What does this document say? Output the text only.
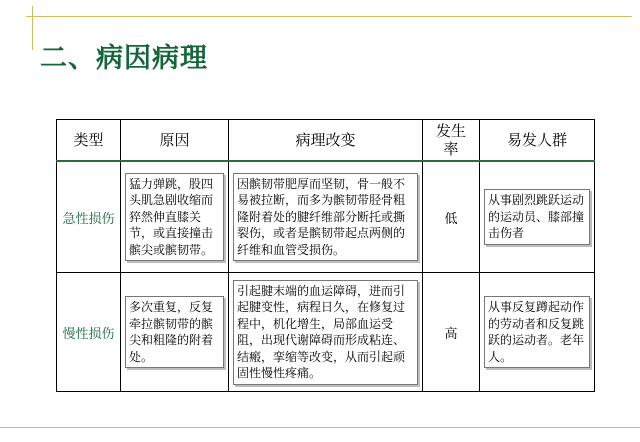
二、病因病理
类型	原因	病理改变	发生率	易发人群
急性损伤	猛力弹跳，股四头肌急剧收缩而猝然伸直膝关节，或直接撞击髌尖或髌韧带。	因髌韧带肥厚而坚韧，骨一般不易被拉断，而多为髌韧带胫骨粗隆附着处的腱纤维部分断托或撕裂伤，或者是髌韧带起点两侧的纤维和血管受损伤。	低	从事剧烈跳跃运动的运动员、膝部撞击伤者

慢性损伤	多次重复，反复牵拉髌韧带的髌尖和粗隆的附着处。	引起腱末端的血运障碍，进而引起腱变性，病程日久，在修复过程中，机化增生，局部血运受阻，出现代谢障碍而形成粘连、结瘢，挛缩等改变，从而引起顽固性慢性疼痛。	高	从事反复蹲起动作的劳动者和反复跳跃的运动者。老年人。
